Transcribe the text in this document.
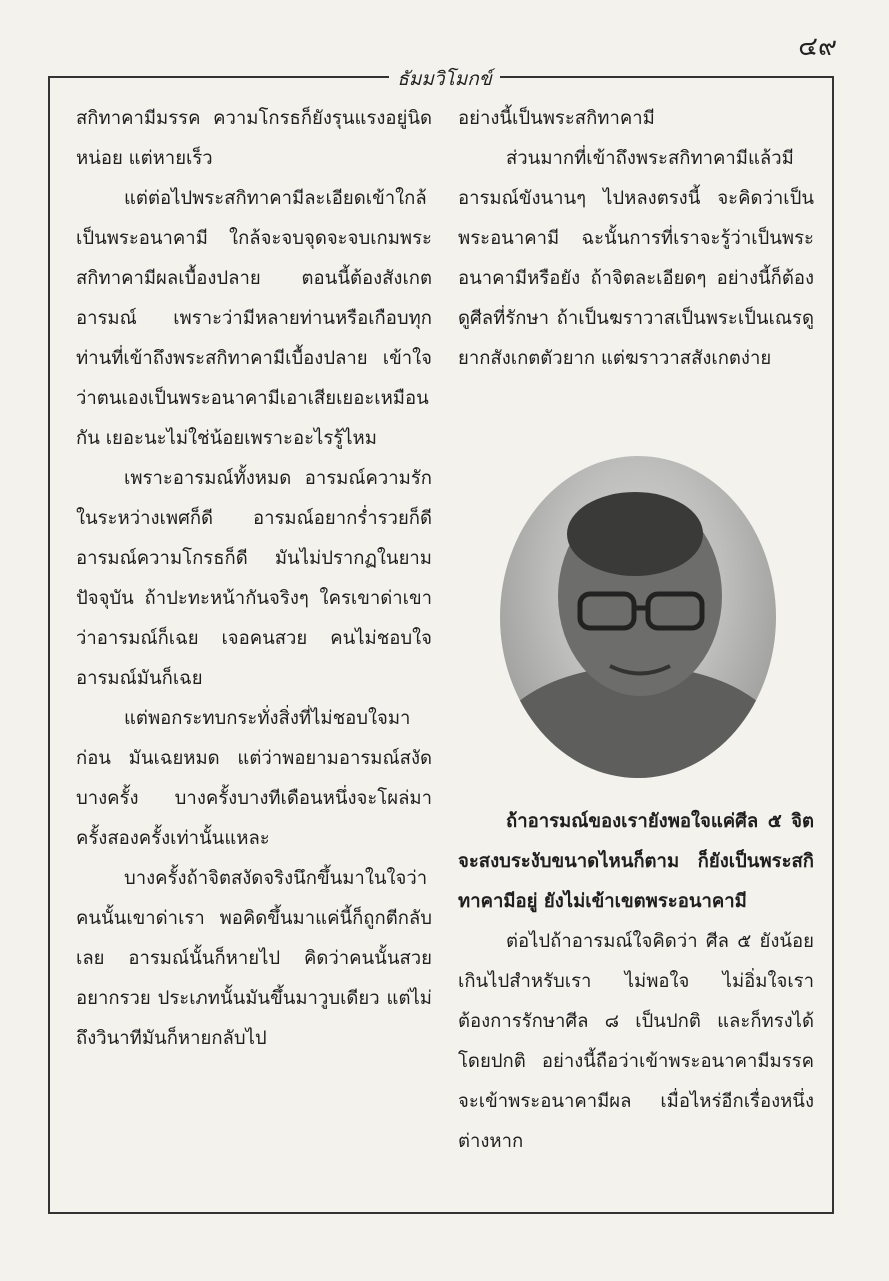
๔๙
ธัมมวิโมกข์

สกิทาคามีมรรค ความโกรธก็ยังรุนแรงอยู่นิดหน่อย แต่หายเร็ว

แต่ต่อไปพระสกิทาคามีละเอียดเข้าใกล้เป็นพระอนาคามี ใกล้จะจบจุดจะจบเกมพระสกิทาคามีผลเบื้องปลาย ตอนนี้ต้องสังเกตอารมณ์ เพราะว่ามีหลายท่านหรือเกือบทุกท่านที่เข้าถึงพระสกิทาคามีเบื้องปลาย เข้าใจว่าตนเองเป็นพระอนาคามีเอาเสียเยอะเหมือนกัน เยอะนะไม่ใช่น้อยเพราะอะไรรู้ไหม

เพราะอารมณ์ทั้งหมด อารมณ์ความรักในระหว่างเพศก็ดี อารมณ์อยากร่ำรวยก็ดี อารมณ์ความโกรธก็ดี มันไม่ปรากฏในยามปัจจุบัน ถ้าปะทะหน้ากันจริงๆ ใครเขาด่าเขาว่าอารมณ์ก็เฉย เจอคนสวย คนไม่ชอบใจ อารมณ์มันก็เฉย

แต่พอกระทบกระทั่งสิ่งที่ไม่ชอบใจมาก่อน มันเฉยหมด แต่ว่าพอยามอารมณ์สงัดบางครั้ง บางครั้งบางทีเดือนหนึ่งจะโผล่มาครั้งสองครั้งเท่านั้นแหละ

บางครั้งถ้าจิตสงัดจริงนึกขึ้นมาในใจว่า คนนั้นเขาด่าเรา พอคิดขึ้นมาแค่นี้ก็ถูกตีกลับเลย อารมณ์นั้นก็หายไป คิดว่าคนนั้นสวย อยากรวย ประเภทนั้นมันขึ้นมาวูบเดียว แต่ไม่ถึงวินาทีมันก็หายกลับไป

อย่างนี้เป็นพระสกิทาคามี

ส่วนมากที่เข้าถึงพระสกิทาคามีแล้วมีอารมณ์ขังนานๆ ไปหลงตรงนี้ จะคิดว่าเป็นพระอนาคามี ฉะนั้นการที่เราจะรู้ว่าเป็นพระอนาคามีหรือยัง ถ้าจิตละเอียดๆ อย่างนี้ก็ต้องดูศีลที่รักษา ถ้าเป็นฆราวาสเป็นพระเป็นเณรดูยากสังเกตตัวยาก แต่ฆราวาสสังเกตง่าย

ถ้าอารมณ์ของเรายังพอใจแค่ศีล ๕ จิตจะสงบระงับขนาดไหนก็ตาม ก็ยังเป็นพระสกิทาคามีอยู่ ยังไม่เข้าเขตพระอนาคามี

ต่อไปถ้าอารมณ์ใจคิดว่า ศีล ๕ ยังน้อยเกินไปสำหรับเรา ไม่พอใจ ไม่อิ่มใจเราต้องการรักษาศีล ๘ เป็นปกติ และก็ทรงได้โดยปกติ อย่างนี้ถือว่าเข้าพระอนาคามีมรรค จะเข้าพระอนาคามีผล เมื่อไหร่อีกเรื่องหนึ่งต่างหาก
